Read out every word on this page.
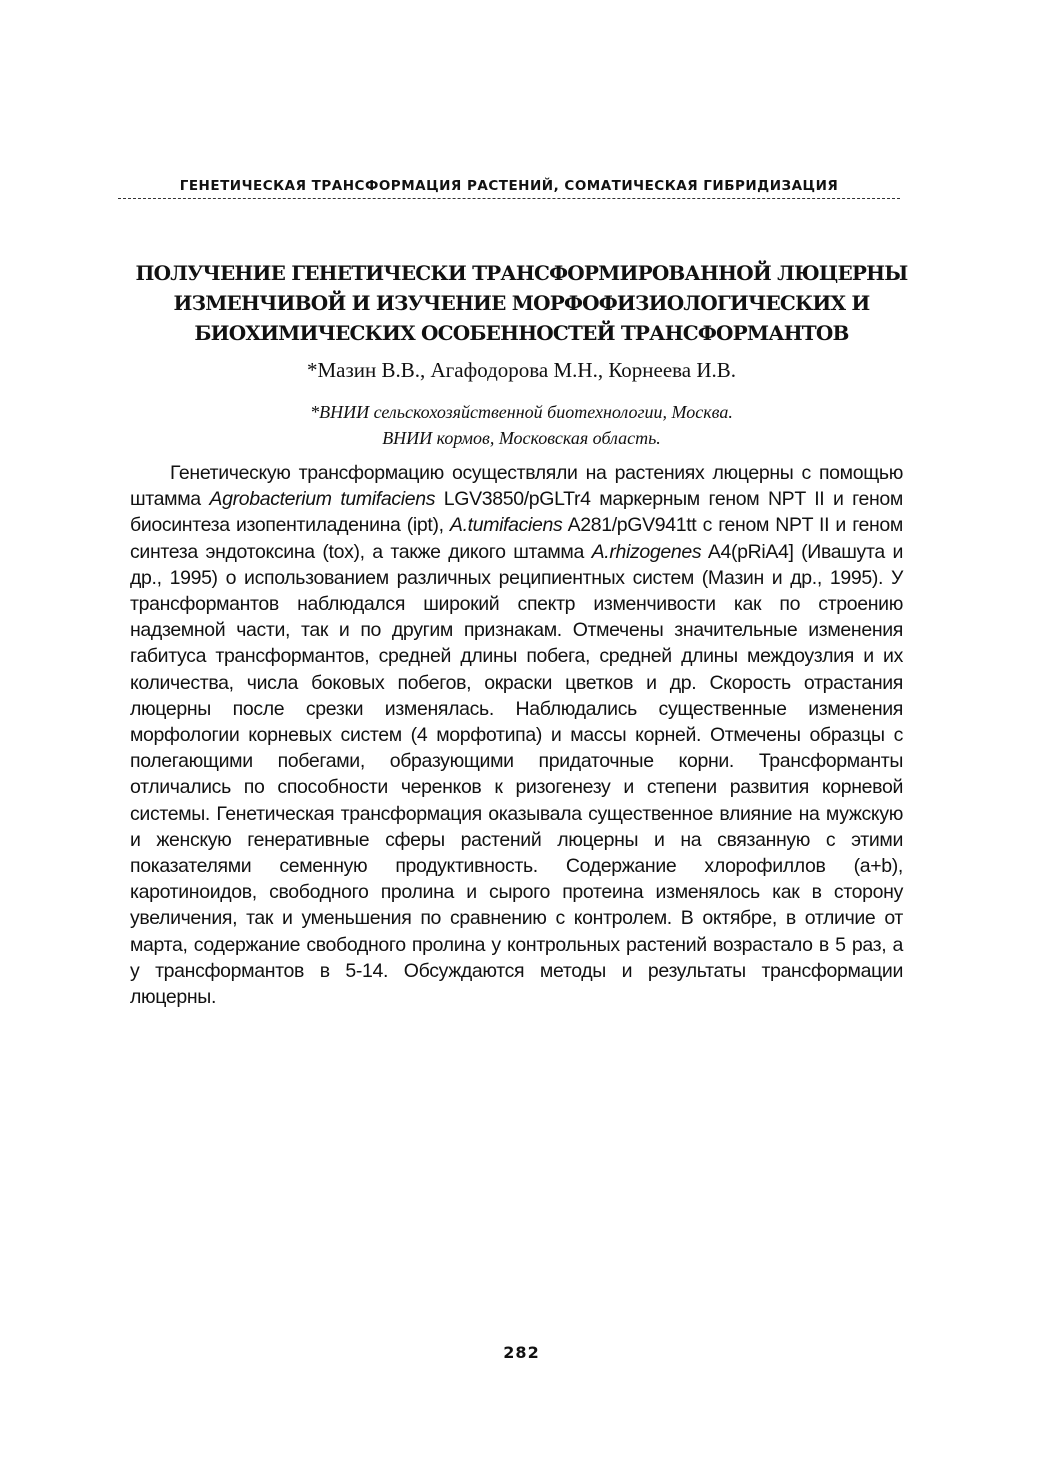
ГЕНЕТИЧЕСКАЯ ТРАНСФОРМАЦИЯ РАСТЕНИЙ, СОМАТИЧЕСКАЯ ГИБРИДИЗАЦИЯ
ПОЛУЧЕНИЕ ГЕНЕТИЧЕСКИ ТРАНСФОРМИРОВАННОЙ ЛЮЦЕРНЫ
ИЗМЕНЧИВОЙ И ИЗУЧЕНИЕ МОРФОФИЗИОЛОГИЧЕСКИХ И
БИОХИМИЧЕСКИХ ОСОБЕННОСТЕЙ ТРАНСФОРМАНТОВ
*Мазин В.В., Агафодорова М.Н., Корнеева И.В.
*ВНИИ сельскохозяйственной биотехнологии, Москва.
ВНИИ кормов, Московская область.
Генетическую трансформацию осуществляли на растениях люцерны с помощью штамма Agrobacterium tumifaciens LGV3850/pGLTr4 маркерным геном NPT II и геном биосинтеза изопентиладенина (ipt), A.tumifaciens A281/pGV941tt с геном NPT II и геном синтеза эндотоксина (tox), а также дикого штамма A.rhizogenes A4(pRiA4] (Ивашута и др., 1995) о использованием различных реципиентных систем (Мазин и др., 1995). У трансформантов наблюдался широкий спектр изменчивости как по строению надземной части, так и по другим признакам. Отмечены значительные изменения габитуса трансформантов, средней длины побега, средней длины междоузлия и их количества, числа боковых побегов, окраски цветков и др. Скорость отрастания люцерны после срезки изменялась. Наблюдались существенные изменения морфологии корневых систем (4 морфотипа) и массы корней. Отмечены образцы с полегающими побегами, образующими придаточные корни. Трансформанты отличались по способности черенков к ризогенезу и степени развития корневой системы. Генетическая трансформация оказывала существенное влияние на мужскую и женскую генеративные сферы растений люцерны и на связанную с этими показателями семенную продуктивность. Содержание хлорофиллов (а+b), каротиноидов, свободного пролина и сырого протеина изменялось как в сторону увеличения, так и уменьшения по сравнению с контролем. В октябре, в отличие от марта, содержание свободного пролина у контрольных растений возрастало в 5 раз, а у трансформантов в 5-14. Обсуждаются методы и результаты трансформации люцерны.
282
